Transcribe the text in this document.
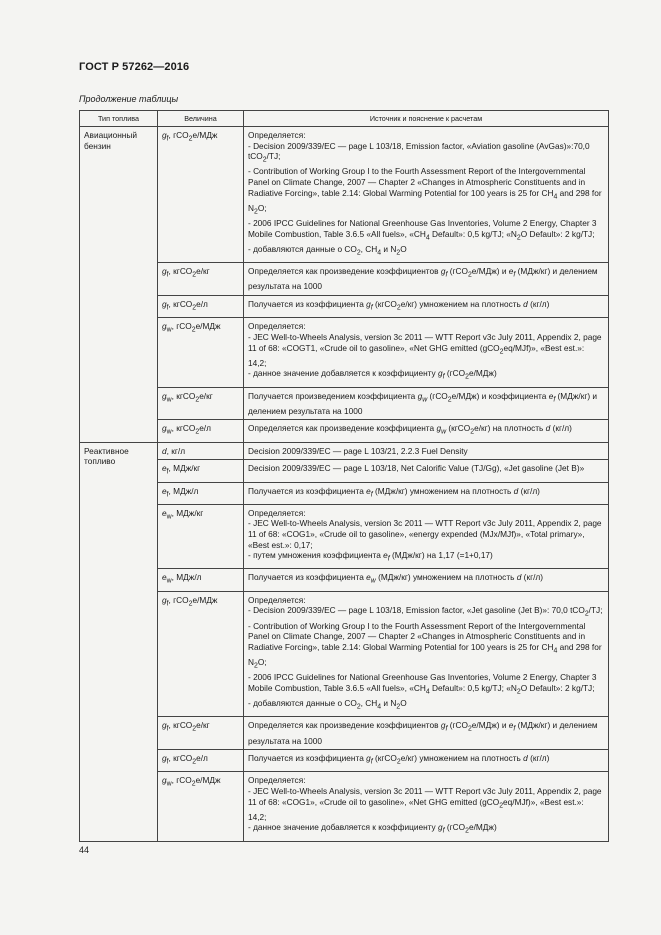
ГОСТ Р 57262—2016
Продолжение таблицы
Тип топлива	Величина	Источник и пояснение к расчетам
Авиационный бензин	$g_f$, гCO$_2$e/МДж	Определяется:
- Decision 2009/339/EC — page L 103/18, Emission factor, «Aviation gasoline (AvGas)»:70,0 tCO$_2$/TJ;
- Contribution of Working Group I to the Fourth Assessment Report of the Intergovernmental Panel on Climate Change, 2007 — Chapter 2 «Changes in Atmospheric Constituents and in Radiative Forcing», table 2.14: Global Warming Potential for 100 years is 25 for $CH_4$ and 298 for $N_2O$;
- 2006 IPCC Guidelines for National Greenhouse Gas Inventories, Volume 2 Energy, Chapter 3 Mobile Combustion, Table 3.6.5 «All fuels», «$CH_4$ Default»: 0,5 kg/TJ; «$N_2O$ Default»: 2 kg/TJ;
- добавляются данные о $CO_2$, $CH_4$ и $N_2O$

	$g_f$, кгCO$_2$e/кг	Определяется как произведение коэффициентов $g_f$ (гCO$_2$e/МДж) и $e_f$ (МДж/кг) и делением результата на 1000

	$g_f$, кгCO$_2$e/л	Получается из коэффициента $g_f$ (кгCO$_2$e/кг) умножением на плотность d (кг/л)

	$g_w$, гCO$_2$e/МДж	Определяется:
- JEC Well-to-Wheels Analysis, version 3c 2011 — WTT Report v3c July 2011, Appendix 2, page 11 of 68: «COGT1, «Crude oil to gasoline», «Net GHG emitted (gCO$_2$eq/MJf)», «Best est.»: 14,2;
- данное значение добавляется к коэффициенту $g_f$ (гCO$_2$e/МДж)

	$g_w$, кгCO$_2$e/кг	Получается произведением коэффициента $g_w$ (гCO$_2$e/МДж) и коэффициента $e_f$ (МДж/кг) и делением результата на 1000

	$g_w$, кгCO$_2$e/л	Определяется как произведение коэффициента $g_w$ (кгCO$_2$e/кг) на плотность d (кг/л)

Реактивное топливо	d, кг/л	Decision 2009/339/EC — page L 103/21, 2.2.3 Fuel Density

	$e_f$, МДж/кг	Decision 2009/339/EC — page L 103/18, Net Calorific Value (TJ/Gg), «Jet gasoline (Jet B)»

	$e_f$, МДж/л	Получается из коэффициента $e_f$ (МДж/кг) умножением на плотность d (кг/л)

	$e_w$, МДж/кг	Определяется:
- JEC Well-to-Wheels Analysis, version 3c 2011 — WTT Report v3c July 2011, Appendix 2, page 11 of 68: «COG1», «Crude oil to gasoline», «energy expended (MJx/MJf)», «Total primary», «Best est.»: 0,17;
- путем умножения коэффициента $e_f$ (МДж/кг) на 1,17 (=1+0,17)

	$e_w$, МДж/л	Получается из коэффициента $e_w$ (МДж/кг) умножением на плотность d (кг/л)

	$g_f$, гCO$_2$e/МДж	Определяется:
- Decision 2009/339/EC — page L 103/18, Emission factor, «Jet gasoline (Jet B)»: 70,0 tCO$_2$/TJ;
- Contribution of Working Group I to the Fourth Assessment Report of the Intergovernmental Panel on Climate Change, 2007 — Chapter 2 «Changes in Atmospheric Constituents and in Radiative Forcing», table 2.14: Global Warming Potential for 100 years is 25 for $CH_4$ and 298 for $N_2O$;
- 2006 IPCC Guidelines for National Greenhouse Gas Inventories, Volume 2 Energy, Chapter 3 Mobile Combustion, Table 3.6.5 «All fuels», «$CH_4$ Default»: 0,5 kg/TJ; «$N_2O$ Default»: 2 kg/TJ;
- добавляются данные о $CO_2$, $CH_4$ и $N_2O$

	$g_f$, кгCO$_2$e/кг	Определяется как произведение коэффициентов $g_f$ (гCO$_2$e/МДж) и $e_f$ (МДж/кг) и делением результата на 1000

	$g_f$, кгCO$_2$e/л	Получается из коэффициента $g_f$ (кгCO$_2$e/кг) умножением на плотность d (кг/л)

	$g_w$, гCO$_2$e/МДж	Определяется:
- JEC Well-to-Wheels Analysis, version 3c 2011 — WTT Report v3c July 2011, Appendix 2, page 11 of 68: «COG1», «Crude oil to gasoline», «Net GHG emitted (gCO$_2$eq/MJf)», «Best est.»: 14,2;
- данное значение добавляется к коэффициенту $g_f$ (гCO$_2$e/МДж)
44
